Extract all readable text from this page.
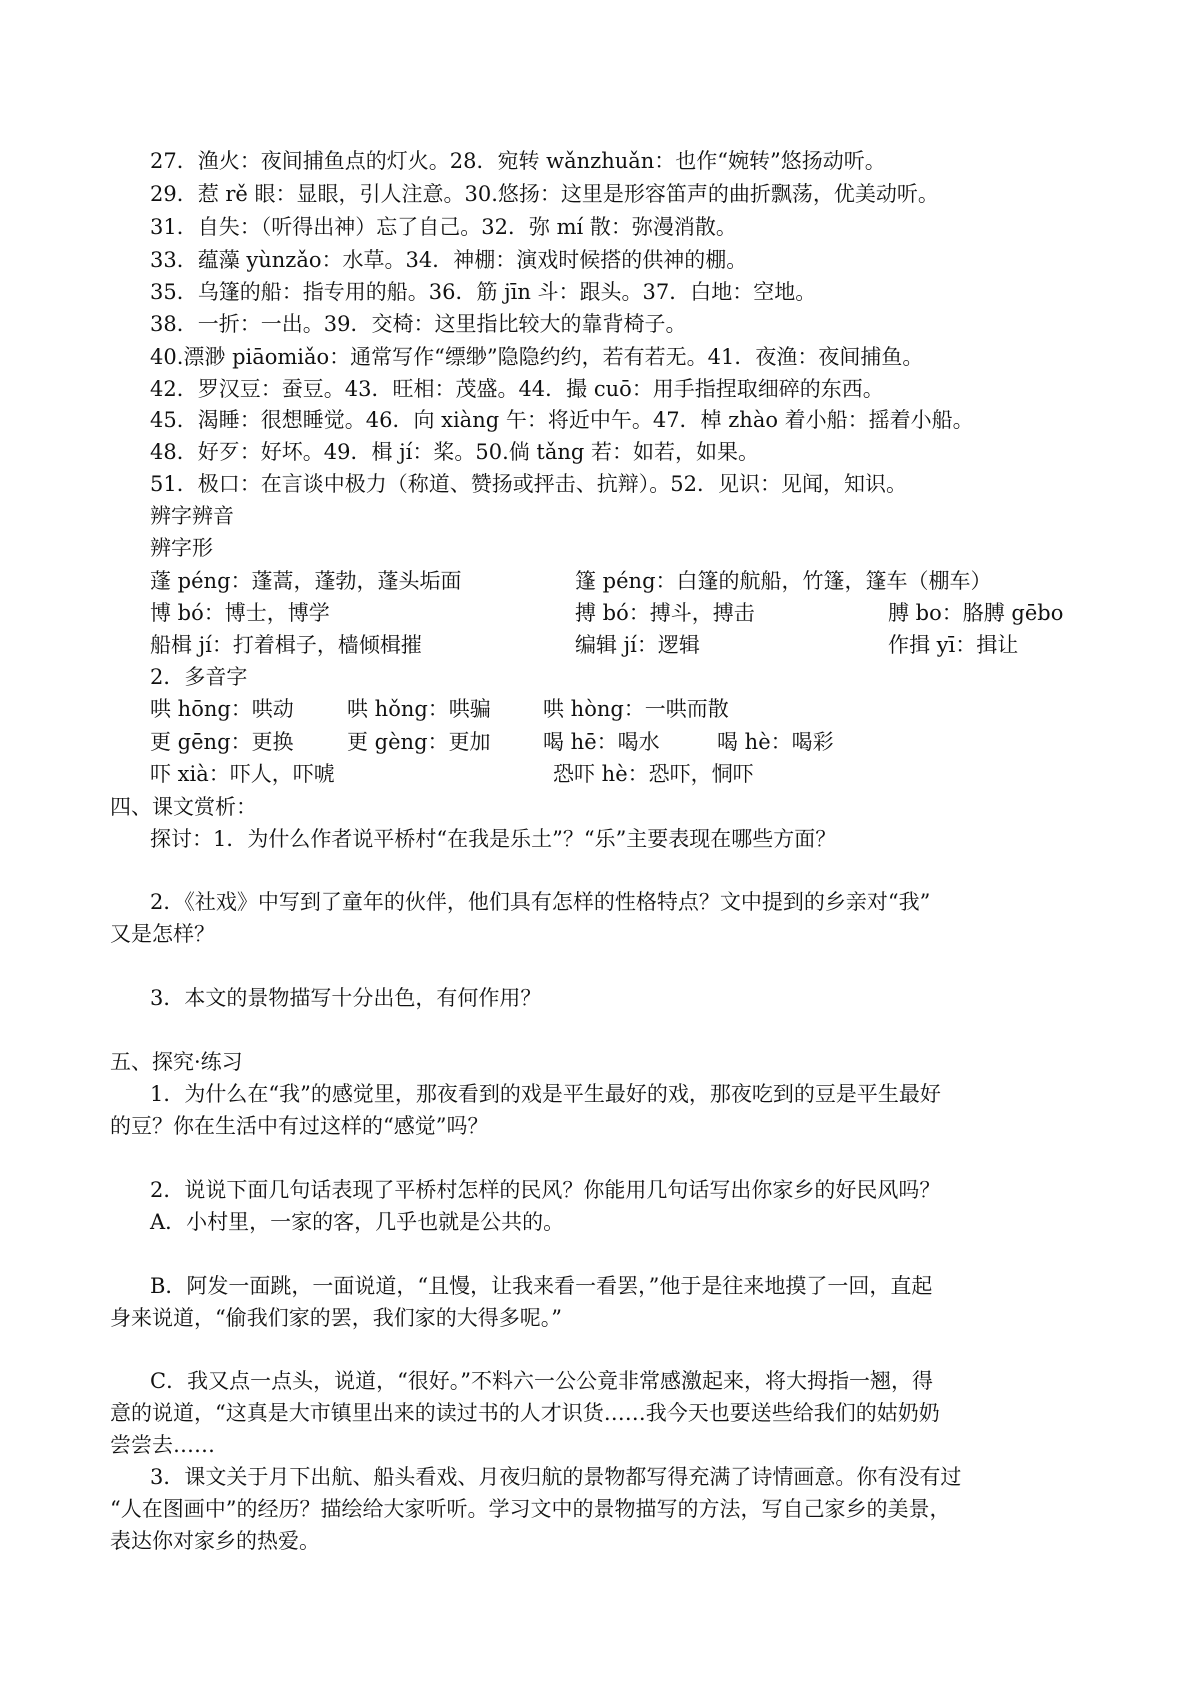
27．渔火：夜间捕鱼点的灯火。28．宛转 wǎnzhuǎn：也作“婉转”悠扬动听。
29．惹 rě 眼：显眼，引人注意。30.悠扬：这里是形容笛声的曲折飘荡，优美动听。
31．自失：（听得出神）忘了自己。32．弥 mí 散：弥漫消散。
33．蕴藻 yùnzǎo：水草。34．神棚：演戏时候搭的供神的棚。
35．乌篷的船：指专用的船。36．筋 jīn 斗：跟头。37．白地：空地。
38．一折：一出。39．交椅：这里指比较大的靠背椅子。
40.漂渺 piāomiǎo：通常写作“缥缈”隐隐约约，若有若无。41．夜渔：夜间捕鱼。
42．罗汉豆：蚕豆。43．旺相：茂盛。44．撮 cuō：用手指捏取细碎的东西。
45．渴睡：很想睡觉。46．向 xiàng 午：将近中午。47．棹 zhào 着小船：摇着小船。
48．好歹：好坏。49．楫 jí：桨。50.倘 tǎng 若：如若，如果。
51．极口：在言谈中极力（称道、赞扬或抨击、抗辩）。52．见识：见闻，知识。
辨字辨音
辨字形
蓬 péng：蓬蒿，蓬勃，蓬头垢面	篷 péng：白篷的航船，竹篷，篷车（棚车）
博 bó：博士，博学	搏 bó：搏斗，搏击	膊 bo：胳膊 gēbo
船楫 jí：打着楫子，樯倾楫摧	编辑 jí：逻辑	作揖 yī：揖让
2．多音字
哄 hōng：哄动	哄 hǒng：哄骗 哄 hòng：一哄而散
更 gēng：更换	更 gèng：更加 喝 hē：喝水	喝 hè：喝彩
吓 xià：吓人，吓唬	恐吓 hè：恐吓，恫吓
四、课文赏析：
探讨：1．为什么作者说平桥村“在我是乐土”？“乐”主要表现在哪些方面？
2．《社戏》中写到了童年的伙伴，他们具有怎样的性格特点？文中提到的乡亲对“我”
又是怎样？
3．本文的景物描写十分出色，有何作用？
五、探究·练习
1．为什么在“我”的感觉里，那夜看到的戏是平生最好的戏，那夜吃到的豆是平生最好
的豆？你在生活中有过这样的“感觉”吗？
2．说说下面几句话表现了平桥村怎样的民风？你能用几句话写出你家乡的好民风吗？
A．小村里，一家的客，几乎也就是公共的。
B．阿发一面跳，一面说道，“且慢，让我来看一看罢，”他于是往来地摸了一回，直起
身来说道，“偷我们家的罢，我们家的大得多呢。”
C．我又点一点头，说道，“很好。”不料六一公公竟非常感激起来，将大拇指一翘，得
意的说道，“这真是大市镇里出来的读过书的人才识货……我今天也要送些给我们的姑奶奶
尝尝去……
3．课文关于月下出航、船头看戏、月夜归航的景物都写得充满了诗情画意。你有没有过
“人在图画中”的经历？描绘给大家听听。学习文中的景物描写的方法，写自己家乡的美景，
表达你对家乡的热爱。
